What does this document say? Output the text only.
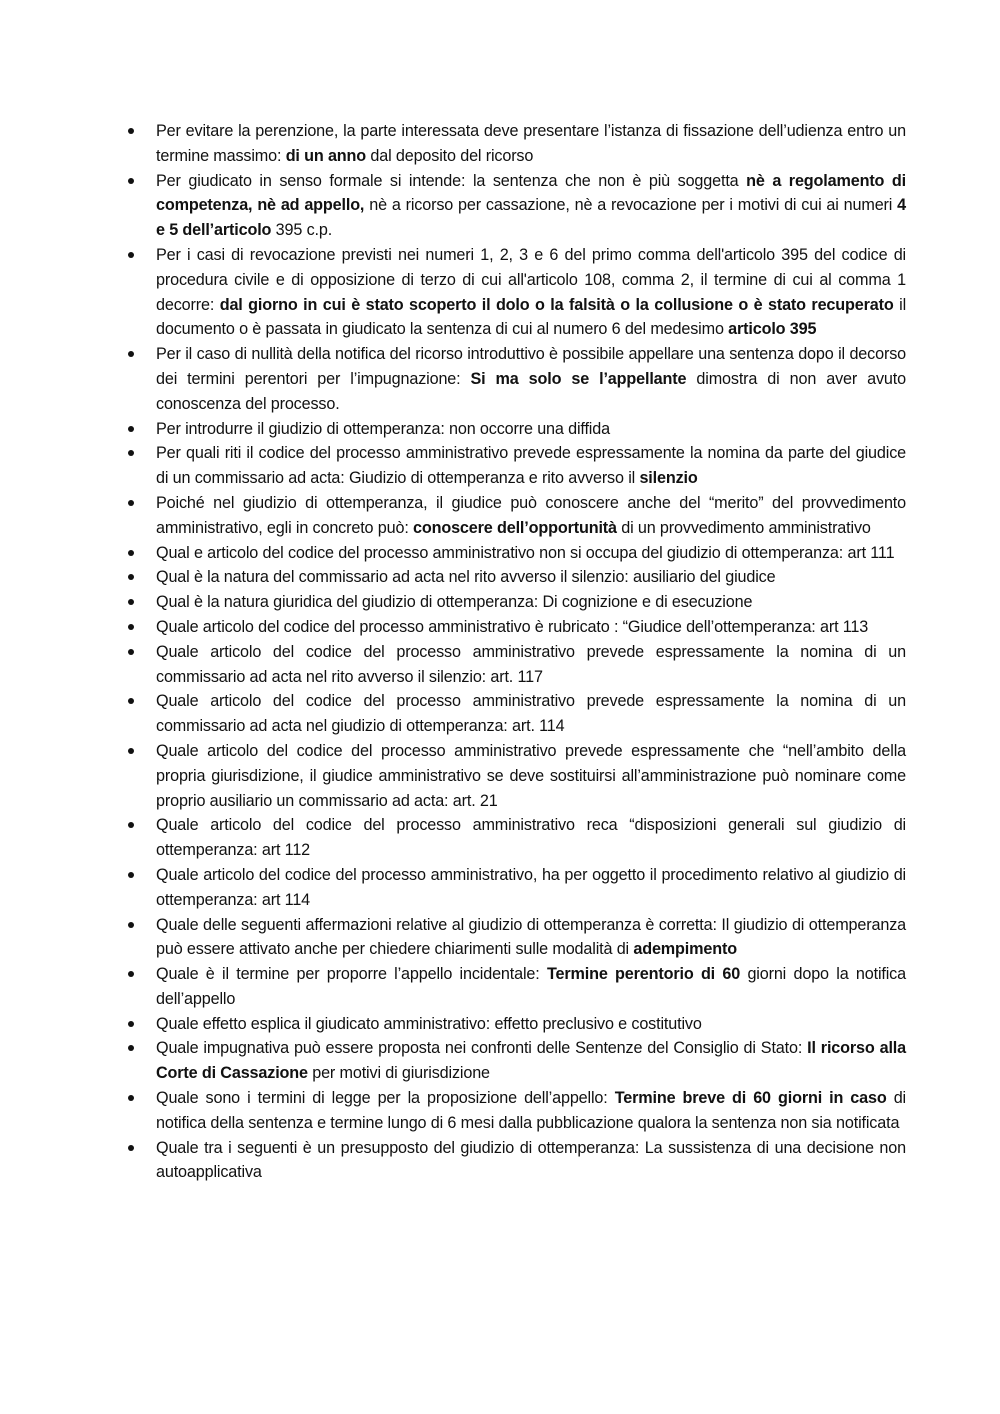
Per evitare la perenzione, la parte interessata deve presentare l’istanza di fissazione dell’udienza entro un termine massimo: di un anno dal deposito del ricorso
Per giudicato in senso formale si intende: la sentenza che non è più soggetta nè a regolamento di competenza, nè ad appello, nè a ricorso per cassazione, nè a revocazione per i motivi di cui ai numeri 4 e 5 dell’articolo 395 c.p.
Per i casi di revocazione previsti nei numeri 1, 2, 3 e 6 del primo comma dell'articolo 395 del codice di procedura civile e di opposizione di terzo di cui all'articolo 108, comma 2, il termine di cui al comma 1 decorre: dal giorno in cui è stato scoperto il dolo o la falsità o la collusione o è stato recuperato il documento o è passata in giudicato la sentenza di cui al numero 6 del medesimo articolo 395
Per il caso di nullità della notifica del ricorso introduttivo è possibile appellare una sentenza dopo il decorso dei termini perentori per l’impugnazione: Si ma solo se l’appellante dimostra di non aver avuto conoscenza del processo.
Per introdurre il giudizio di ottemperanza: non occorre una diffida
Per quali riti il codice del processo amministrativo prevede espressamente la nomina da parte del giudice di un commissario ad acta: Giudizio di ottemperanza e rito avverso il silenzio
Poiché nel giudizio di ottemperanza, il giudice può conoscere anche del “merito” del provvedimento amministrativo, egli in concreto può: conoscere dell’opportunità di un provvedimento amministrativo
Qual e articolo del codice del processo amministrativo non si occupa del giudizio di ottemperanza: art 111
Qual è la natura del commissario ad acta nel rito avverso il silenzio: ausiliario del giudice
Qual è la natura giuridica del giudizio di ottemperanza: Di cognizione e di esecuzione
Quale articolo del codice del processo amministrativo è rubricato : “Giudice dell’ottemperanza: art 113
Quale articolo del codice del processo amministrativo prevede espressamente la nomina di un commissario ad acta nel rito avverso il silenzio: art. 117
Quale articolo del codice del processo amministrativo prevede espressamente la nomina di un commissario ad acta nel giudizio di ottemperanza: art. 114
Quale articolo del codice del processo amministrativo prevede espressamente che “nell’ambito della propria giurisdizione, il giudice amministrativo se deve sostituirsi all’amministrazione può nominare come proprio ausiliario un commissario ad acta: art. 21
Quale articolo del codice del processo amministrativo reca “disposizioni generali sul giudizio di ottemperanza: art 112
Quale articolo del codice del processo amministrativo, ha per oggetto il procedimento relativo al giudizio di ottemperanza: art 114
Quale delle seguenti affermazioni relative al giudizio di ottemperanza è corretta: Il giudizio di ottemperanza può essere attivato anche per chiedere chiarimenti sulle modalità di adempimento
Quale è il termine per proporre l’appello incidentale: Termine perentorio di 60 giorni dopo la notifica dell’appello
Quale effetto esplica il giudicato amministrativo: effetto preclusivo e costitutivo
Quale impugnativa può essere proposta nei confronti delle Sentenze del Consiglio di Stato: Il ricorso alla Corte di Cassazione per motivi di giurisdizione
Quale sono i termini di legge per la proposizione dell’appello: Termine breve di 60 giorni in caso di notifica della sentenza e termine lungo di 6 mesi dalla pubblicazione qualora la sentenza non sia notificata
Quale tra i seguenti è un presupposto del giudizio di ottemperanza: La sussistenza di una decisione non autoapplicativa
